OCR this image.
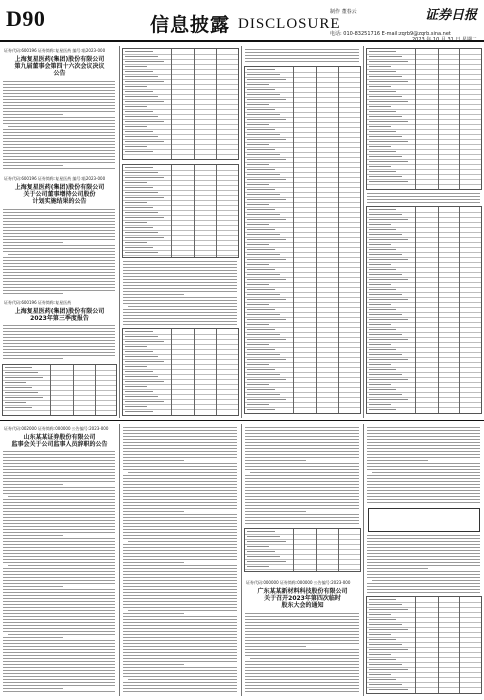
D90	信息披露 DISCLOSURE
制作 董春云
电话: 010-83251716 E-mail:zqrb9@zqrb.sina.net
证券日报
证券代码:600196 证券简称:复星医药 编号:临2023-000
上海复星医药(集团)股份有限公司
第九届董事会第四十六次会议决议
公告
证券代码:600196 证券简称:复星医药 编号:临2023-000
上海复星医药(集团)股份有限公司
关于公司董事增持公司股份
计划实施结果的公告
证券代码:600196 证券简称:复星医药
上海复星医药(集团)股份有限公司
2023年第三季度报告
证券代码:002000 证券简称:000000 公告编号:2023-000
山东某某证券股份有限公司
监事会关于公司监事人员辞职的公告
证券代码:000000 证券简称:000000 公告编号:2023-000
广东某某新材料科技股份有限公司
关于召开2023年第四次临时
股东大会的通知
